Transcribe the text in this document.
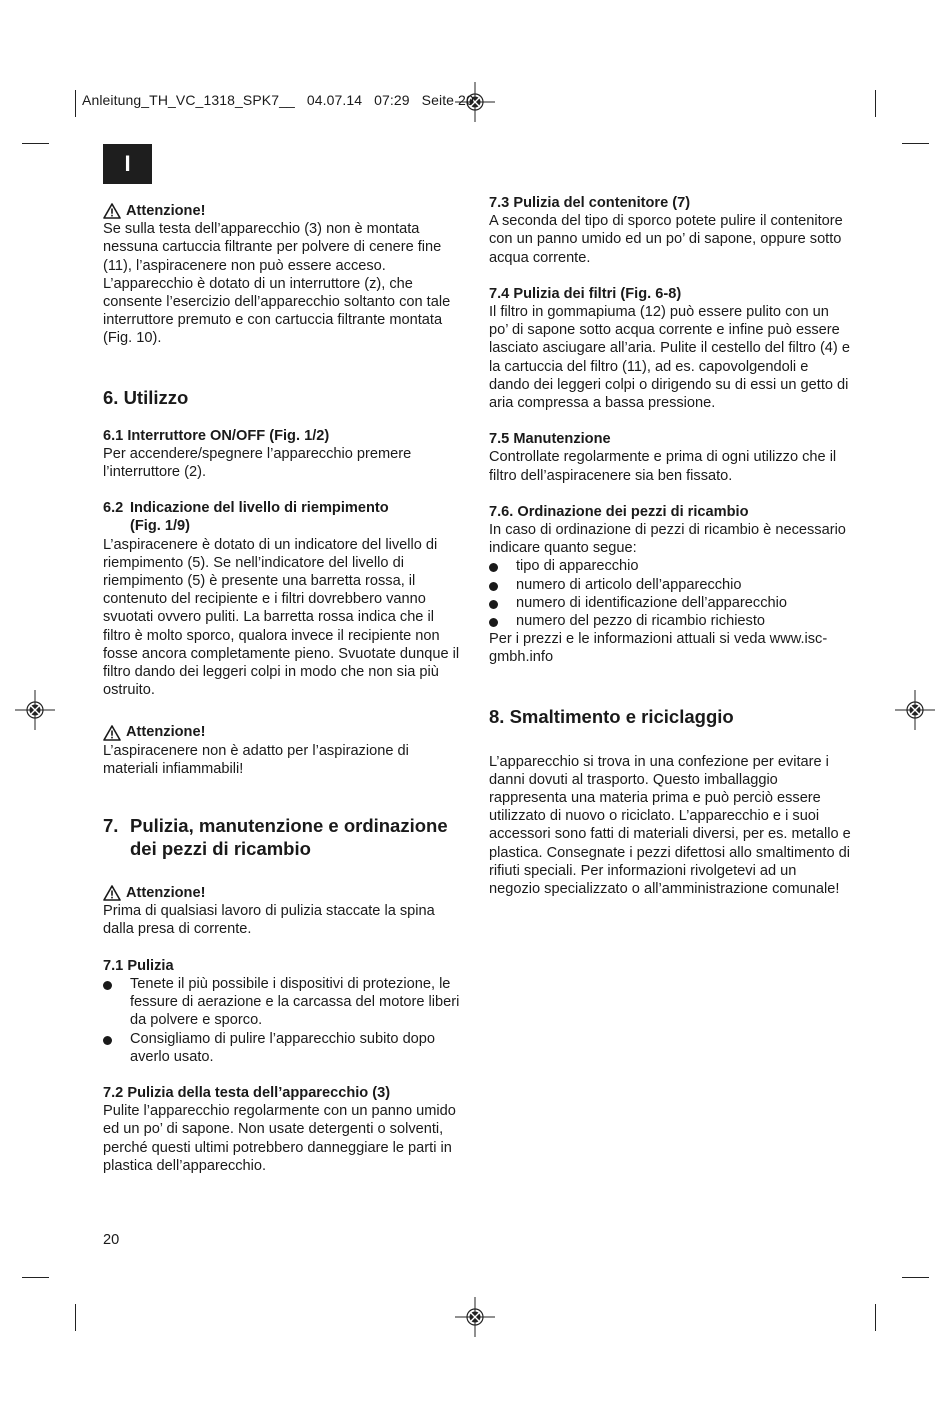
Anleitung_TH_VC_1318_SPK7__ 04.07.14 07:29 Seite 20
I
Attenzione!

Se sulla testa dell’apparecchio (3) non è montata nessuna cartuccia filtrante per polvere di cenere fine (11), l’aspiracenere non può essere acceso. L’apparecchio è dotato di un interruttore (z), che consente l’esercizio dell’apparecchio soltanto con tale interruttore premuto e con cartuccia filtrante montata (Fig. 10).

6. Utilizzo

6.1 Interruttore ON/OFF (Fig. 1/2)

Per accendere/spegnere l’apparecchio premere l’interruttore (2).

6.2 Indicazione del livello di riempimento
(Fig. 1/9)

L’aspiracenere è dotato di un indicatore del livello di riempimento (5). Se nell’indicatore del livello di riempimento (5) è presente una barretta rossa, il contenuto del recipiente e i filtri dovrebbero vanno svuotati ovvero puliti. La barretta rossa indica che il filtro è molto sporco, qualora invece il recipiente non fosse ancora completamente pieno. Svuotate dunque il filtro dando dei leggeri colpi in modo che non sia più ostruito.

Attenzione!

L’aspiracenere non è adatto per l’aspirazione di materiali infiammabili!

7. Pulizia, manutenzione e ordinazione dei pezzi di ricambio
Attenzione!

Prima di qualsiasi lavoro di pulizia staccate la spina dalla presa di corrente.

7.1 Pulizia

Tenete il più possibile i dispositivi di protezione, le fessure di aerazione e la carcassa del motore liberi da polvere e sporco.
Consigliamo di pulire l’apparecchio subito dopo averlo usato.

7.2 Pulizia della testa dell’apparecchio (3)

Pulite l’apparecchio regolarmente con un panno umido ed un po’ di sapone. Non usate detergenti o solventi, perché questi ultimi potrebbero danneggiare le parti in plastica dell’apparecchio.

7.3 Pulizia del contenitore (7)

A seconda del tipo di sporco potete pulire il contenitore con un panno umido ed un po’ di sapone, oppure sotto acqua corrente.

7.4 Pulizia dei filtri (Fig. 6-8)

Il filtro in gommapiuma (12) può essere pulito con un po’ di sapone sotto acqua corrente e infine può essere lasciato asciugare all’aria. Pulite il cestello del filtro (4) e la cartuccia del filtro (11), ad es. capovolgendoli e dando dei leggeri colpi o dirigendo su di essi un getto di aria compressa a bassa pressione.

7.5 Manutenzione

Controllate regolarmente e prima di ogni utilizzo che il filtro dell’aspiracenere sia ben fissato.

7.6. Ordinazione dei pezzi di ricambio

In caso di ordinazione di pezzi di ricambio è necessario indicare quanto segue:

tipo di apparecchio
numero di articolo dell’apparecchio
numero di identificazione dell’apparecchio
numero del pezzo di ricambio richiesto

Per i prezzi e le informazioni attuali si veda www.isc-gmbh.info

8. Smaltimento e riciclaggio

L’apparecchio si trova in una confezione per evitare i danni dovuti al trasporto. Questo imballaggio rappresenta una materia prima e può perciò essere utilizzato di nuovo o riciclato. L’apparecchio e i suoi accessori sono fatti di materiali diversi, per es. metallo e plastica. Consegnate i pezzi difettosi allo smaltimento di rifiuti speciali. Per informazioni rivolgetevi ad un negozio specializzato o all’amministrazione comunale!

20
